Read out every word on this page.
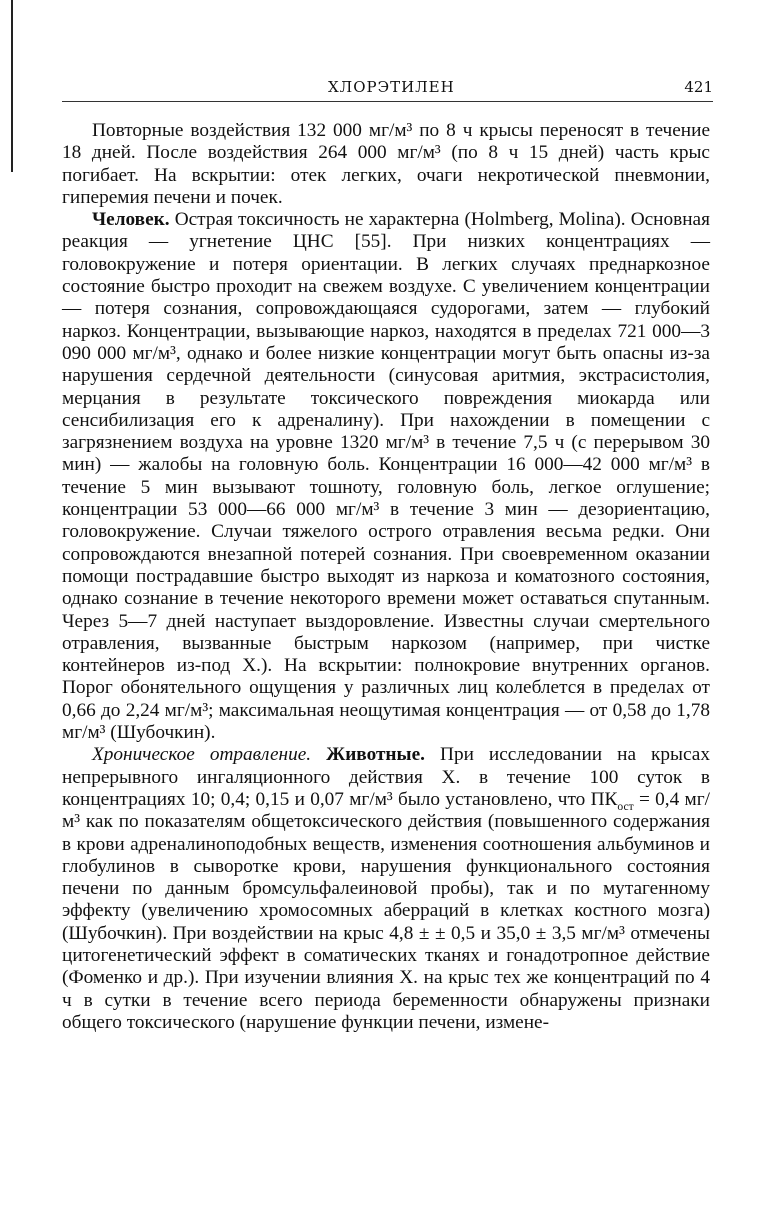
ХЛОРЭТИЛЕН	421

Повторные воздействия 132 000 мг/м³ по 8 ч крысы переносят в течение 18 дней. После воздействия 264 000 мг/м³ (по 8 ч 15 дней) часть крыс погибает. На вскрытии: отек легких, очаги некротической пневмонии, гиперемия печени и почек.

Человек. Острая токсичность не характерна (Holmberg, Molina). Основная реакция — угнетение ЦНС [55]. При низких концентрациях — головокружение и потеря ориентации. В легких случаях преднаркозное состояние быстро проходит на свежем воздухе. С увеличением концентрации — потеря сознания, сопровождающаяся судорогами, затем — глубокий наркоз. Концентрации, вызывающие наркоз, находятся в пределах 721 000—3 090 000 мг/м³, однако и более низкие концентрации могут быть опасны из-за нарушения сердечной деятельности (синусовая аритмия, экстрасистолия, мерцания в результате токсического повреждения миокарда или сенсибилизация его к адреналину). При нахождении в помещении с загрязнением воздуха на уровне 1320 мг/м³ в течение 7,5 ч (с перерывом 30 мин) — жалобы на головную боль. Концентрации 16 000—42 000 мг/м³ в течение 5 мин вызывают тошноту, головную боль, легкое оглушение; концентрации 53 000—66 000 мг/м³ в течение 3 мин — дезориентацию, головокружение. Случаи тяжелого острого отравления весьма редки. Они сопровождаются внезапной потерей сознания. При своевременном оказании помощи пострадавшие быстро выходят из наркоза и коматозного состояния, однако сознание в течение некоторого времени может оставаться спутанным. Через 5—7 дней наступает выздоровление. Известны случаи смертельного отравления, вызванные быстрым наркозом (например, при чистке контейнеров из-под Х.). На вскрытии: полнокровие внутренних органов. Порог обонятельного ощущения у различных лиц колеблется в пределах от 0,66 до 2,24 мг/м³; максимальная неощутимая концентрация — от 0,58 до 1,78 мг/м³ (Шубочкин).

Хроническое отравление. Животные. При исследовании на крысах непрерывного ингаляционного действия Х. в течение 100 суток в концентрациях 10; 0,4; 0,15 и 0,07 мг/м³ было установлено, что $ПК_{ост} = 0,4$ мг/м³ как по показателям общетоксического действия (повышенного содержания в крови адреналиноподобных веществ, изменения соотношения альбуминов и глобулинов в сыворотке крови, нарушения функционального состояния печени по данным бромсульфалеиновой пробы), так и по мутагенному эффекту (увеличению хромосомных аберраций в клетках костного мозга) (Шубочкин). При воздействии на крыс 4,8 ± ± 0,5 и 35,0 ± 3,5 мг/м³ отмечены цитогенетический эффект в соматических тканях и гонадотропное действие (Фоменко и др.). При изучении влияния Х. на крыс тех же концентраций по 4 ч в сутки в течение всего периода беременности обнаружены признаки общего токсического (нарушение функции печени, измене-
